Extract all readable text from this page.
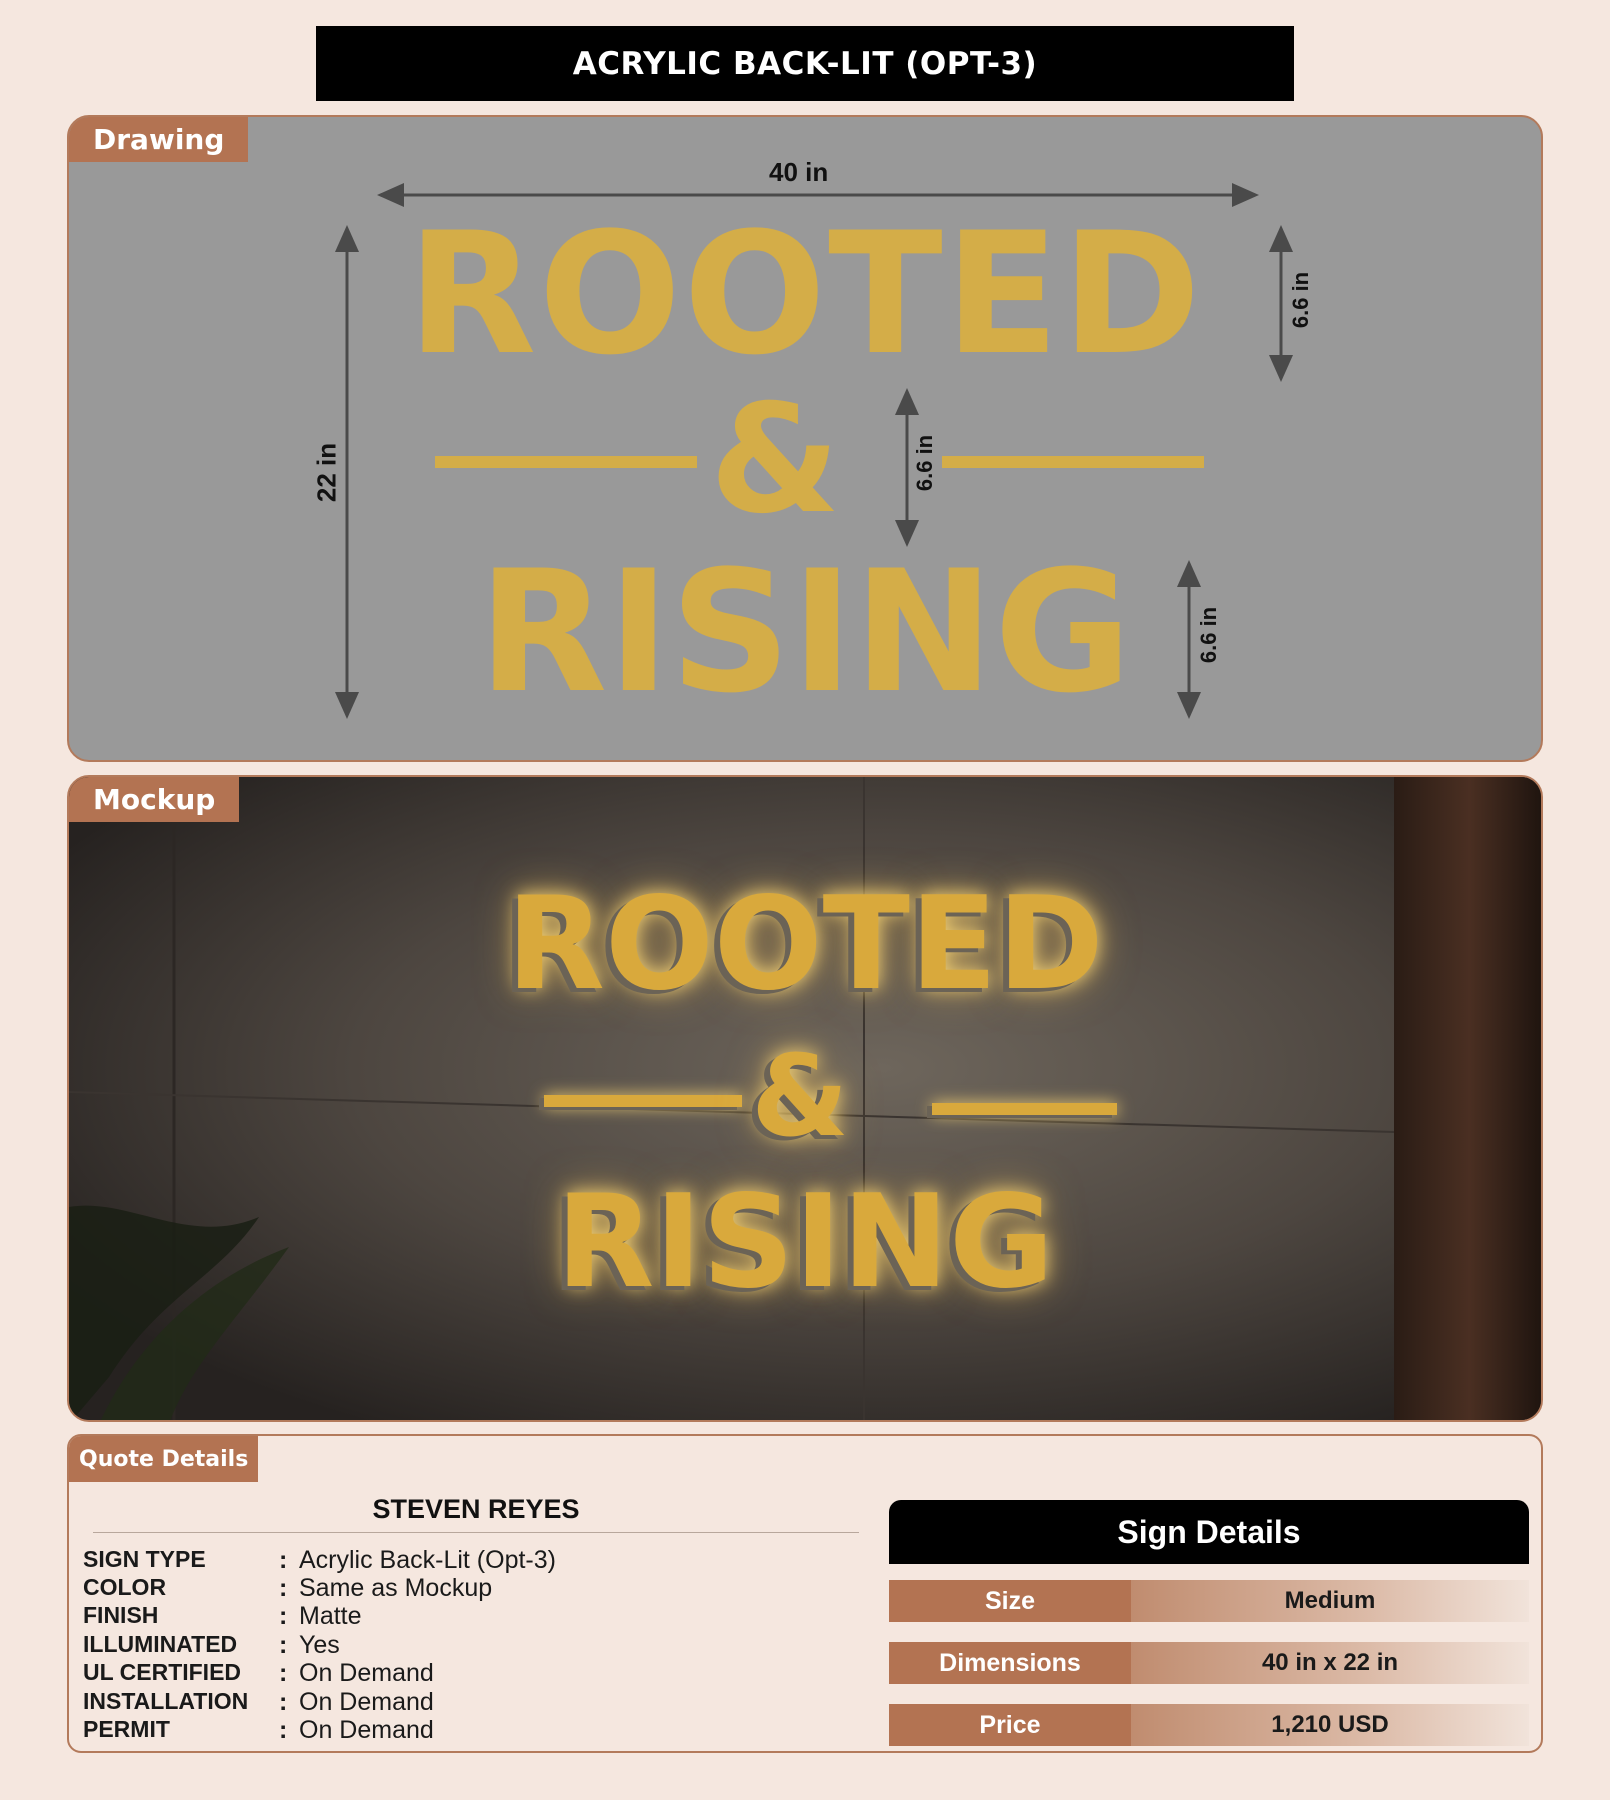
ACRYLIC BACK-LIT (OPT-3)
Drawing
40 in
22 in
6.6 in
6.6 in
6.6 in
ROOTED
&
RISING
Mockup
ROOTED
&
RISING
Quote Details
STEVEN REYES
SIGN TYPE	: Acrylic Back-Lit (Opt-3)
COLOR	: Same as Mockup
FINISH	: Matte
ILLUMINATED	: Yes
UL CERTIFIED	: On Demand
INSTALLATION	: On Demand
PERMIT	: On Demand
Sign Details
Size	Medium
Dimensions	40 in x 22 in
Price	1,210 USD
